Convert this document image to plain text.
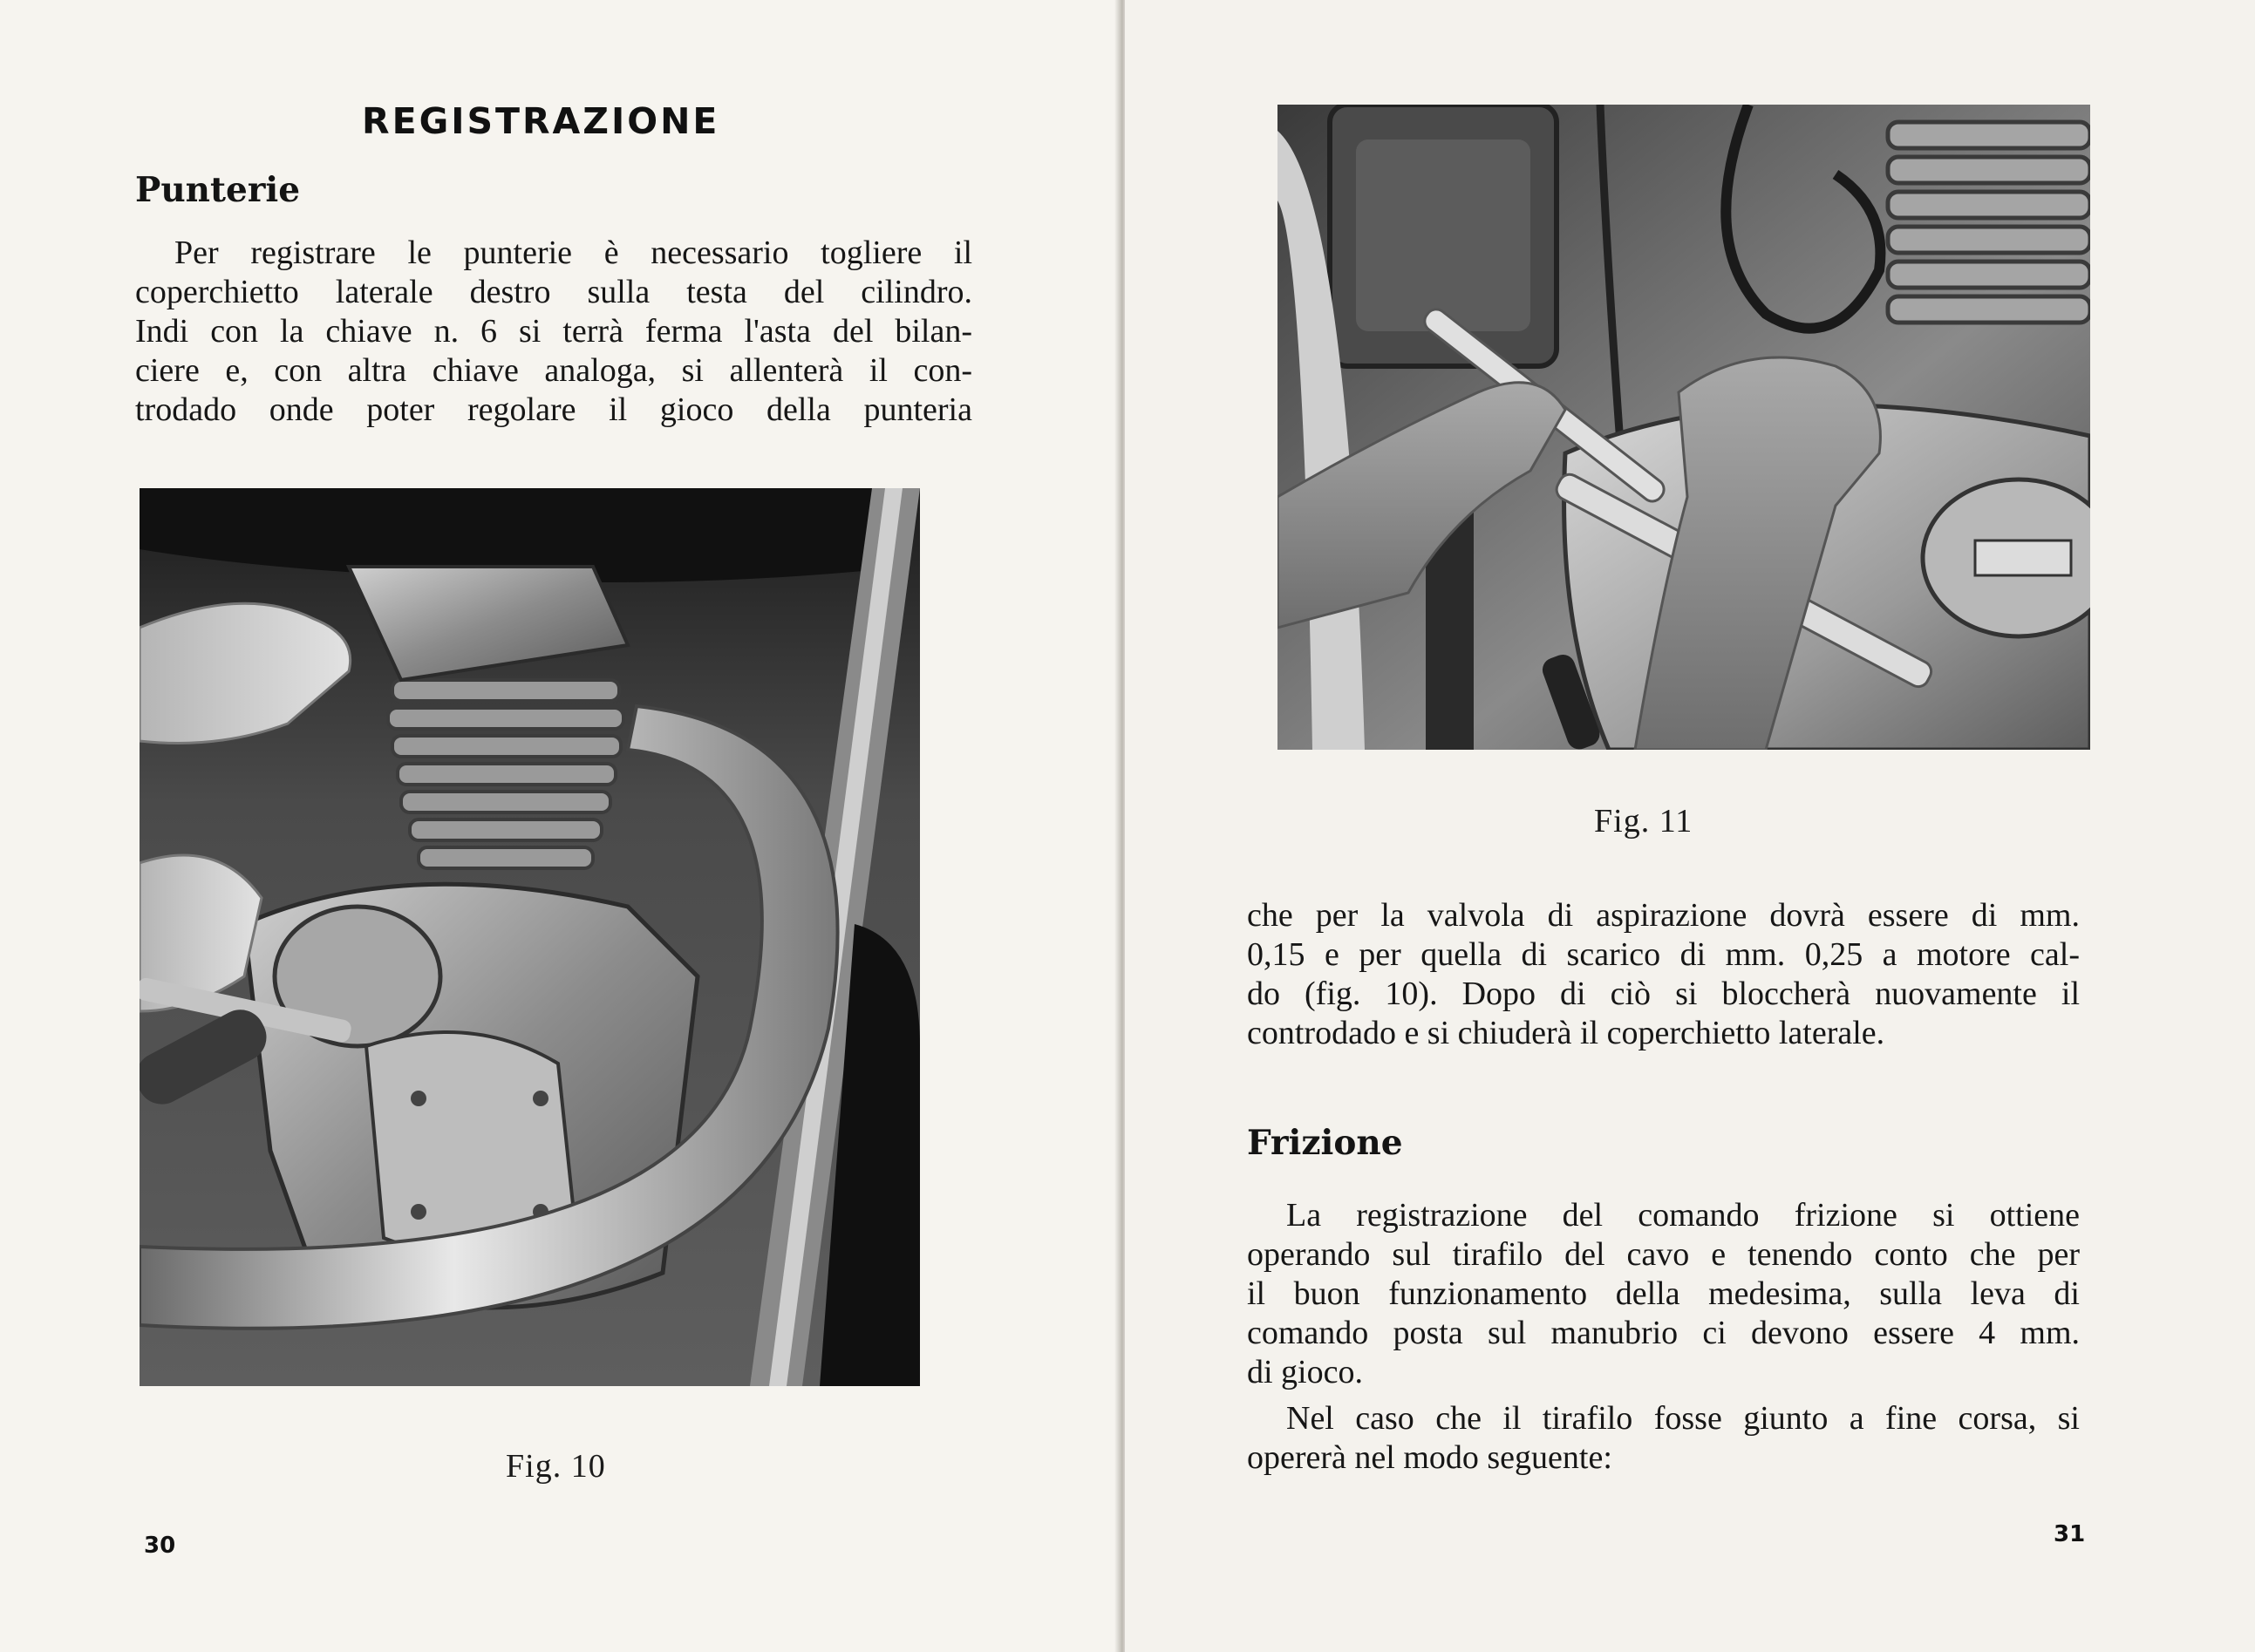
REGISTRAZIONE
Punterie
Per registrare le punterie è necessario togliere il
coperchietto laterale destro sulla testa del cilindro.
Indi con la chiave n. 6 si terrà ferma l'asta del bilan-
ciere e, con altra chiave analoga, si allenterà il con-
trodado onde poter regolare il gioco della punteria
Fig. 10
30
Fig. 11
che per la valvola di aspirazione dovrà essere di mm.
0,15 e per quella di scarico di mm. 0,25 a motore cal-
do (fig. 10). Dopo di ciò si bloccherà nuovamente il
controdado e si chiuderà il coperchietto laterale.
Frizione
La registrazione del comando frizione si ottiene
operando sul tirafilo del cavo e tenendo conto che per
il buon funzionamento della medesima, sulla leva di
comando posta sul manubrio ci devono essere 4 mm.
di gioco.
Nel caso che il tirafilo fosse giunto a fine corsa, si
opererà nel modo seguente:
31
